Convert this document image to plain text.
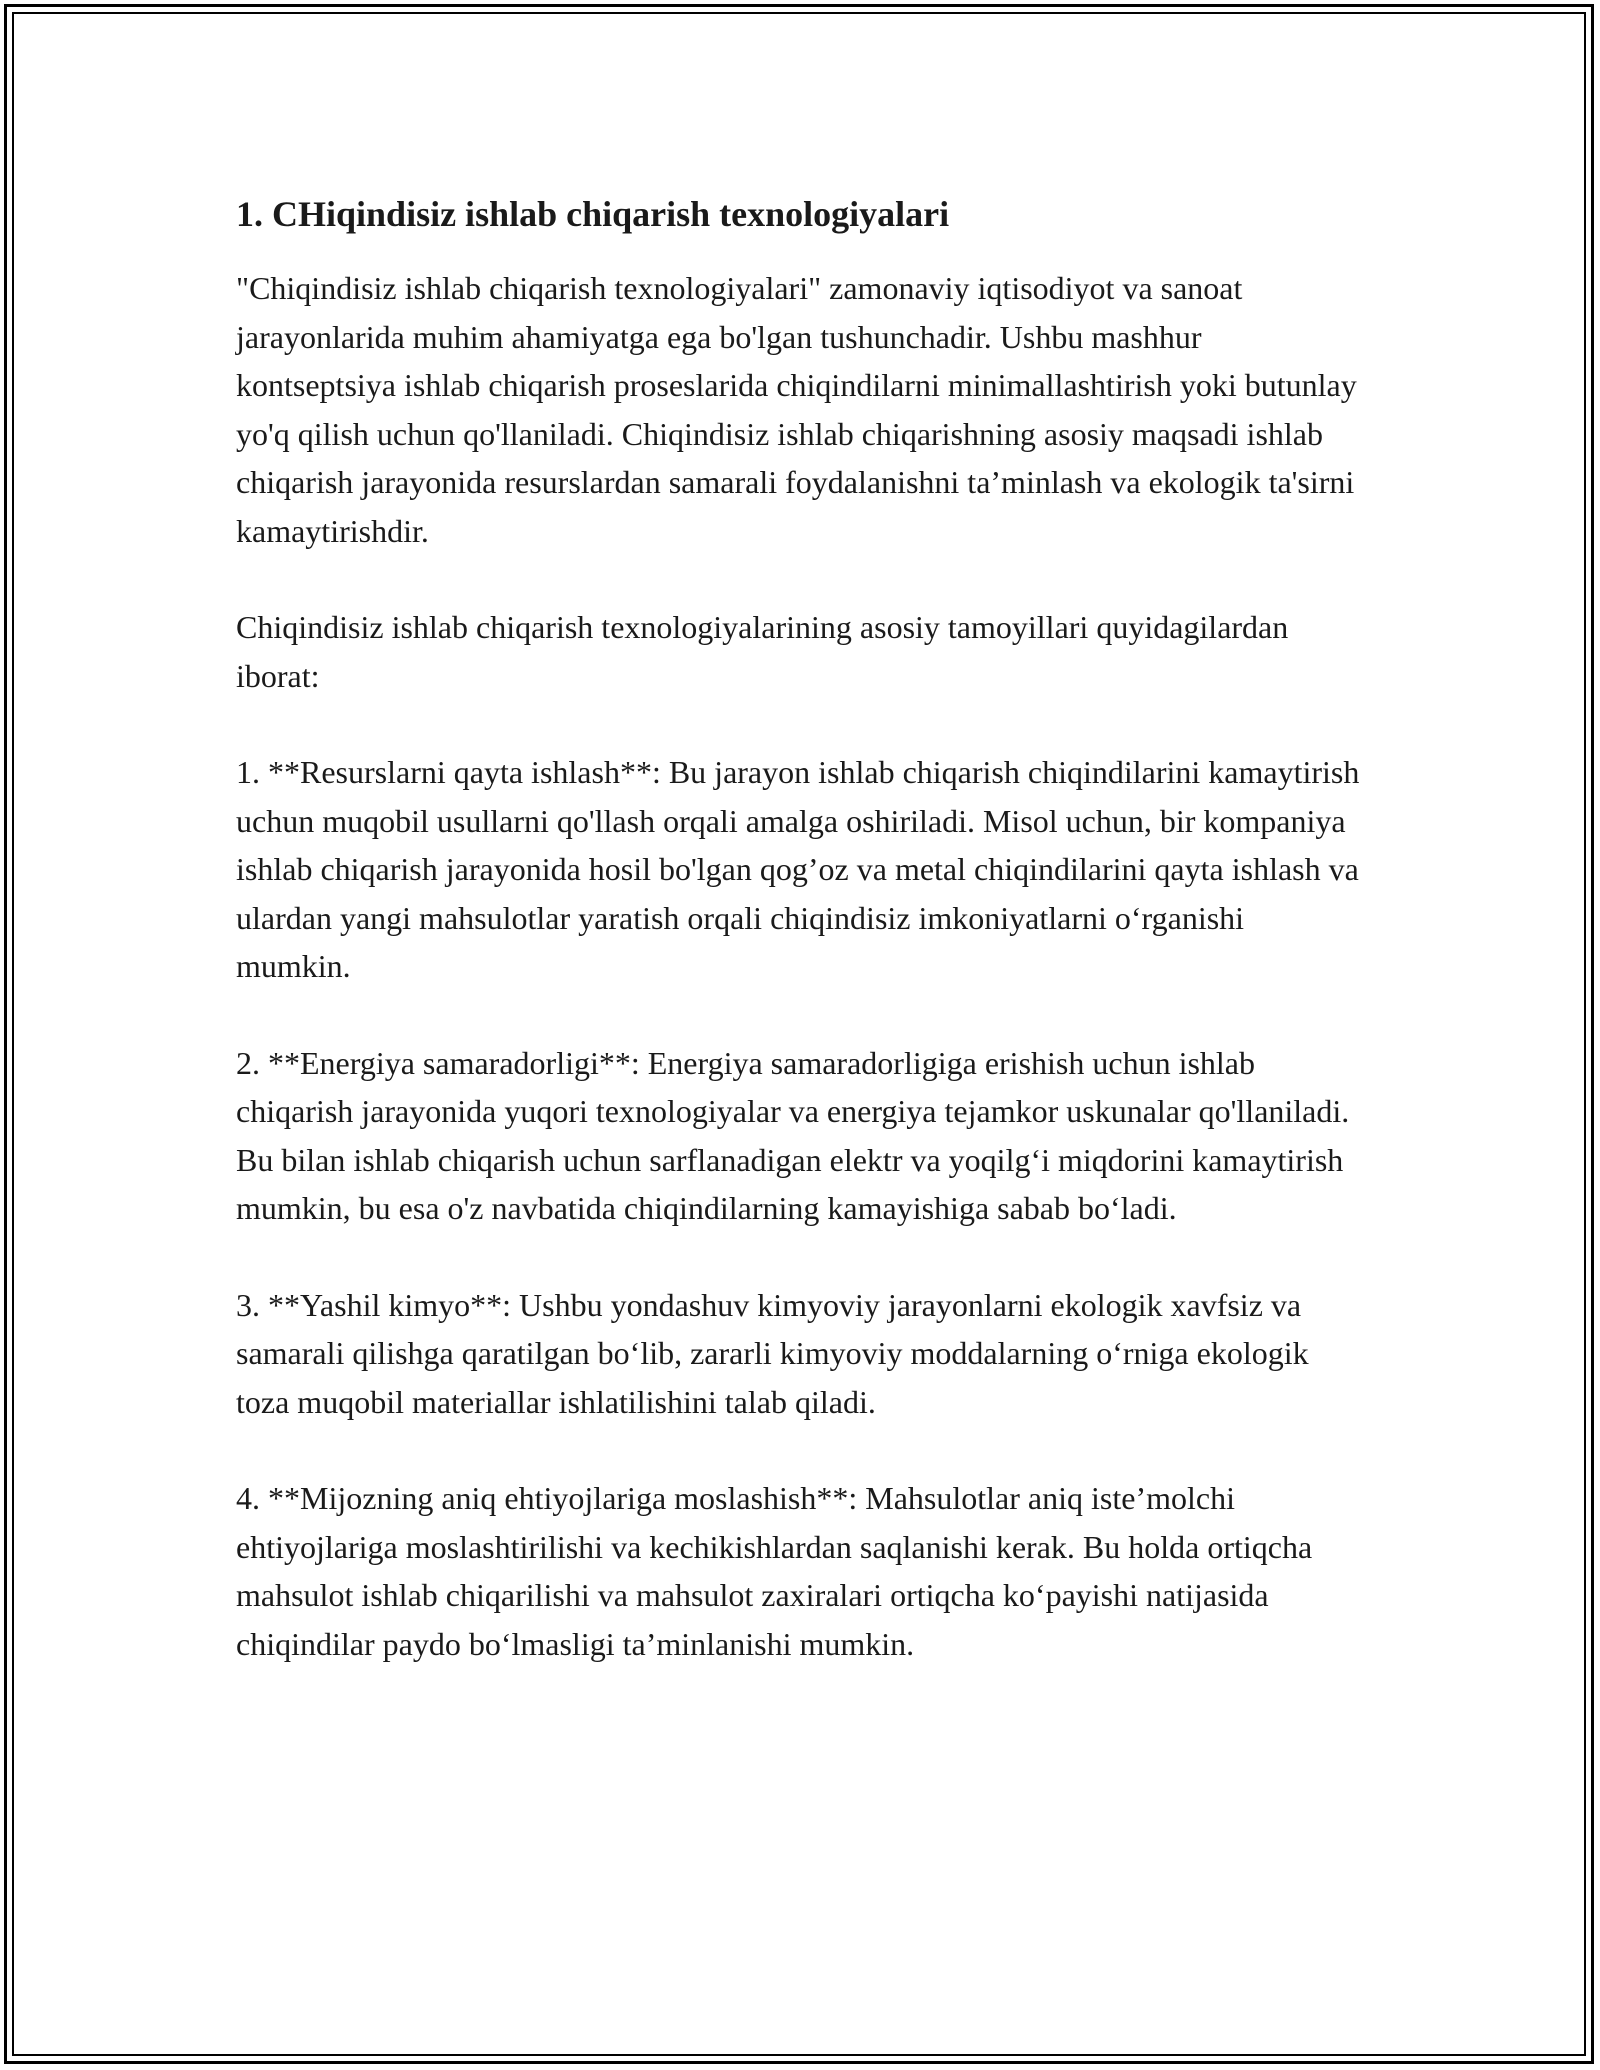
1. CHiqindisiz ishlab chiqarish texnologiyalari

"Chiqindisiz ishlab chiqarish texnologiyalari" zamonaviy iqtisodiyot va sanoat jarayonlarida muhim ahamiyatga ega bo'lgan tushunchadir. Ushbu mashhur kontseptsiya ishlab chiqarish proseslarida chiqindilarni minimallashtirish yoki butunlay yo'q qilish uchun qo'llaniladi. Chiqindisiz ishlab chiqarishning asosiy maqsadi ishlab chiqarish jarayonida resurslardan samarali foydalanishni ta’minlash va ekologik ta'sirni kamaytirishdir.

Chiqindisiz ishlab chiqarish texnologiyalarining asosiy tamoyillari quyidagilardan iborat:

1. **Resurslarni qayta ishlash**: Bu jarayon ishlab chiqarish chiqindilarini kamaytirish uchun muqobil usullarni qo'llash orqali amalga oshiriladi. Misol uchun, bir kompaniya ishlab chiqarish jarayonida hosil bo'lgan qog’oz va metal chiqindilarini qayta ishlash va ulardan yangi mahsulotlar yaratish orqali chiqindisiz imkoniyatlarni o‘rganishi mumkin.

2. **Energiya samaradorligi**: Energiya samaradorligiga erishish uchun ishlab chiqarish jarayonida yuqori texnologiyalar va energiya tejamkor uskunalar qo'llaniladi. Bu bilan ishlab chiqarish uchun sarflanadigan elektr va yoqilg‘i miqdorini kamaytirish mumkin, bu esa o'z navbatida chiqindilarning kamayishiga sabab bo‘ladi.

3. **Yashil kimyo**: Ushbu yondashuv kimyoviy jarayonlarni ekologik xavfsiz va samarali qilishga qaratilgan bo‘lib, zararli kimyoviy moddalarning o‘rniga ekologik toza muqobil materiallar ishlatilishini talab qiladi.

4. **Mijozning aniq ehtiyojlariga moslashish**: Mahsulotlar aniq iste’molchi ehtiyojlariga moslashtirilishi va kechikishlardan saqlanishi kerak. Bu holda ortiqcha mahsulot ishlab chiqarilishi va mahsulot zaxiralari ortiqcha ko‘payishi natijasida chiqindilar paydo bo‘lmasligi ta’minlanishi mumkin.
